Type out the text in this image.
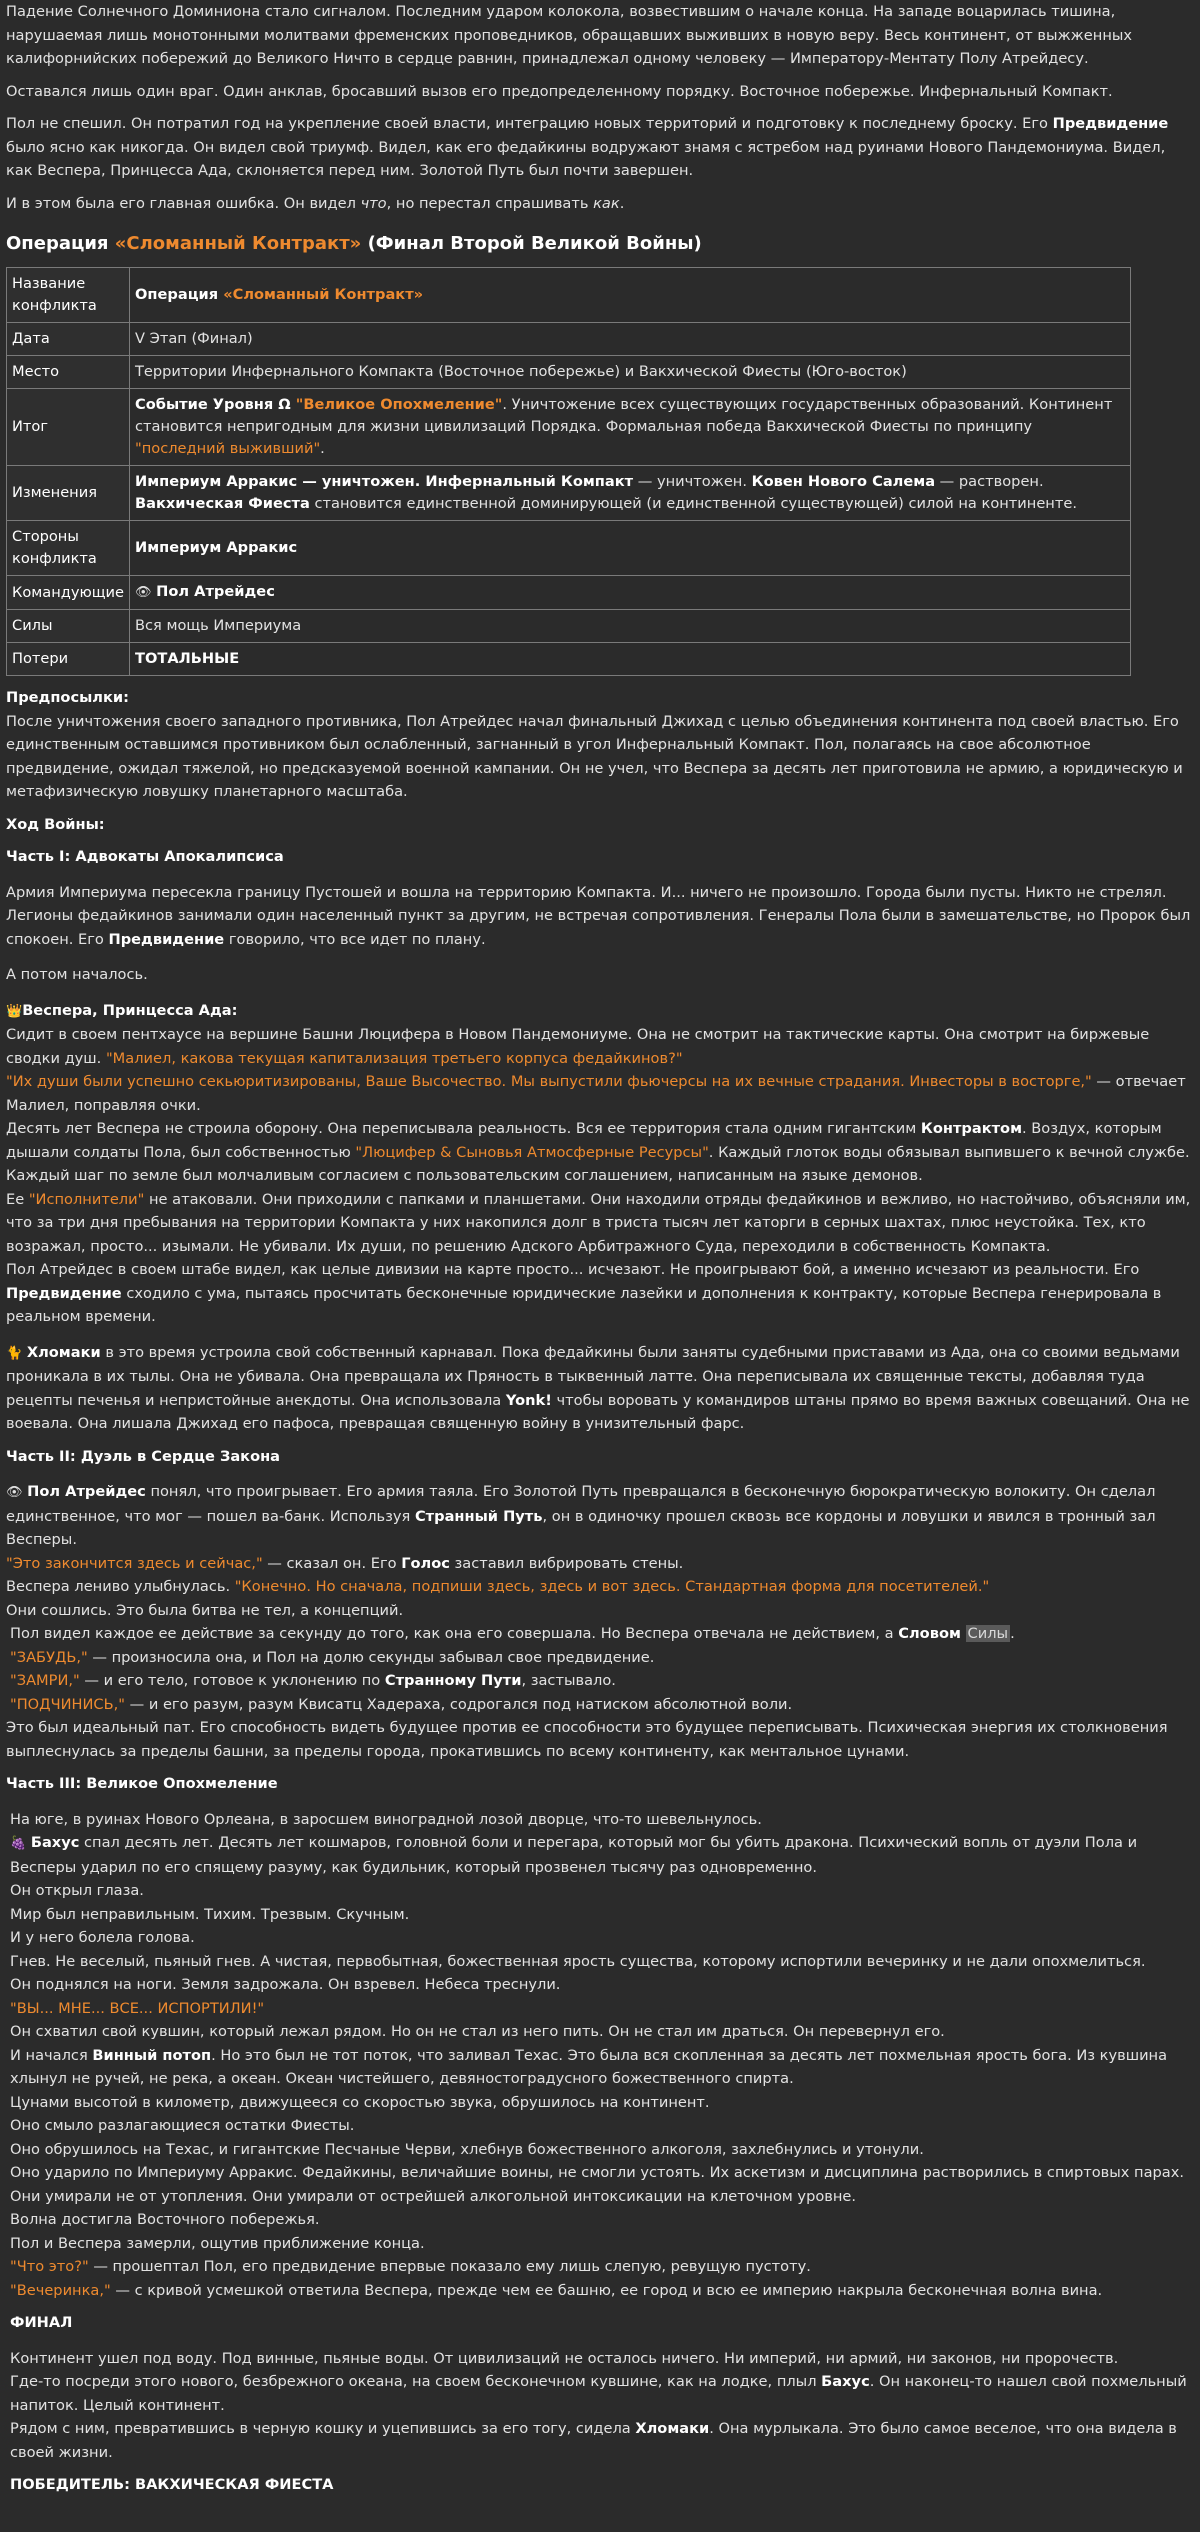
Падение Солнечного Доминиона стало сигналом. Последним ударом колокола, возвестившим о начале конца. На западе воцарилась тишина, нарушаемая лишь монотонными молитвами фременских проповедников, обращавших выживших в новую веру. Весь континент, от выжженных калифорнийских побережий до Великого Ничто в сердце равнин, принадлежал одному человеку — Императору-Ментату Полу Атрейдесу.

Оставался лишь один враг. Один анклав, бросавший вызов его предопределенному порядку. Восточное побережье. Инфернальный Компакт.

Пол не спешил. Он потратил год на укрепление своей власти, интеграцию новых территорий и подготовку к последнему броску. Его Предвидение было ясно как никогда. Он видел свой триумф. Видел, как его федайкины водружают знамя с ястребом над руинами Нового Пандемониума. Видел, как Веспера, Принцесса Ада, склоняется перед ним. Золотой Путь был почти завершен.

И в этом была его главная ошибка. Он видел что, но перестал спрашивать как.

Операция «Сломанный Контракт» (Финал Второй Великой Войны)
Название конфликта	Операция «Сломанный Контракт»
Дата	V Этап (Финал)
Место	Территории Инфернального Компакта (Восточное побережье) и Вакхической Фиесты (Юго-восток)
Итог	Событие Уровня Ω "Великое Опохмеление". Уничтожение всех существующих государственных образований. Континент становится непригодным для жизни цивилизаций Порядка. Формальная победа Вакхической Фиесты по принципу "последний выживший".
Изменения	Империум Арракис — уничтожен. Инфернальный Компакт — уничтожен. Ковен Нового Салема — растворен. Вакхическая Фиеста становится единственной доминирующей (и единственной существующей) силой на континенте.
Стороны конфликта	Империум Арракис
Командующие	👁 Пол Атрейдес
Силы	Вся мощь Империума
Потери	ТОТАЛЬНЫЕ

Предпосылки:

После уничтожения своего западного противника, Пол Атрейдес начал финальный Джихад с целью объединения континента под своей властью. Его единственным оставшимся противником был ослабленный, загнанный в угол Инфернальный Компакт. Пол, полагаясь на свое абсолютное предвидение, ожидал тяжелой, но предсказуемой военной кампании. Он не учел, что Веспера за десять лет приготовила не армию, а юридическую и метафизическую ловушку планетарного масштаба.

Ход Войны:

Часть I: Адвокаты Апокалипсиса

Армия Империума пересекла границу Пустошей и вошла на территорию Компакта. И... ничего не произошло. Города были пусты. Никто не стрелял. Легионы федайкинов занимали один населенный пункт за другим, не встречая сопротивления. Генералы Пола были в замешательстве, но Пророк был спокоен. Его Предвидение говорило, что все идет по плану.

А потом началось.

👑Веспера, Принцесса Ада:

Сидит в своем пентхаусе на вершине Башни Люцифера в Новом Пандемониуме. Она не смотрит на тактические карты. Она смотрит на биржевые сводки душ. "Малиел, какова текущая капитализация третьего корпуса федайкинов?"

"Их души были успешно секьюритизированы, Ваше Высочество. Мы выпустили фьючерсы на их вечные страдания. Инвесторы в восторге," — отвечает Малиел, поправляя очки.

Десять лет Веспера не строила оборону. Она переписывала реальность. Вся ее территория стала одним гигантским Контрактом. Воздух, которым дышали солдаты Пола, был собственностью "Люцифер & Сыновья Атмосферные Ресурсы". Каждый глоток воды обязывал выпившего к вечной службе. Каждый шаг по земле был молчаливым согласием с пользовательским соглашением, написанным на языке демонов.

Ее "Исполнители" не атаковали. Они приходили с папками и планшетами. Они находили отряды федайкинов и вежливо, но настойчиво, объясняли им, что за три дня пребывания на территории Компакта у них накопился долг в триста тысяч лет каторги в серных шахтах, плюс неустойка. Тех, кто возражал, просто... изымали. Не убивали. Их души, по решению Адского Арбитражного Суда, переходили в собственность Компакта.

Пол Атрейдес в своем штабе видел, как целые дивизии на карте просто... исчезают. Не проигрывают бой, а именно исчезают из реальности. Его Предвидение сходило с ума, пытаясь просчитать бесконечные юридические лазейки и дополнения к контракту, которые Веспера генерировала в реальном времени.

🐈 Хломаки в это время устроила свой собственный карнавал. Пока федайкины были заняты судебными приставами из Ада, она со своими ведьмами проникала в их тылы. Она не убивала. Она превращала их Пряность в тыквенный латте. Она переписывала их священные тексты, добавляя туда рецепты печенья и непристойные анекдоты. Она использовала Yonk! чтобы воровать у командиров штаны прямо во время важных совещаний. Она не воевала. Она лишала Джихад его пафоса, превращая священную войну в унизительный фарс.

Часть II: Дуэль в Сердце Закона

👁 Пол Атрейдес понял, что проигрывает. Его армия таяла. Его Золотой Путь превращался в бесконечную бюрократическую волокиту. Он сделал единственное, что мог — пошел ва-банк. Используя Странный Путь, он в одиночку прошел сквозь все кордоны и ловушки и явился в тронный зал Весперы.

"Это закончится здесь и сейчас," — сказал он. Его Голос заставил вибрировать стены.

Веспера лениво улыбнулась. "Конечно. Но сначала, подпиши здесь, здесь и вот здесь. Стандартная форма для посетителей."

Они сошлись. Это была битва не тел, а концепций.

Пол видел каждое ее действие за секунду до того, как она его совершала. Но Веспера отвечала не действием, а Словом Силы .

"ЗАБУДЬ," — произносила она, и Пол на долю секунды забывал свое предвидение.

"ЗАМРИ," — и его тело, готовое к уклонению по Странному Пути, застывало.

"ПОДЧИНИСЬ," — и его разум, разум Квисатц Хадераха, содрогался под натиском абсолютной воли.

Это был идеальный пат. Его способность видеть будущее против ее способности это будущее переписывать. Психическая энергия их столкновения выплеснулась за пределы башни, за пределы города, прокатившись по всему континенту, как ментальное цунами.

Часть III: Великое Опохмеление

На юге, в руинах Нового Орлеана, в заросшем виноградной лозой дворце, что-то шевельнулось.

🍇 Бахус спал десять лет. Десять лет кошмаров, головной боли и перегара, который мог бы убить дракона. Психический вопль от дуэли Пола и Весперы ударил по его спящему разуму, как будильник, который прозвенел тысячу раз одновременно.

Он открыл глаза.

Мир был неправильным. Тихим. Трезвым. Скучным.

И у него болела голова.

Гнев. Не веселый, пьяный гнев. А чистая, первобытная, божественная ярость существа, которому испортили вечеринку и не дали опохмелиться.

Он поднялся на ноги. Земля задрожала. Он взревел. Небеса треснули.

"ВЫ... МНЕ... ВСЕ... ИСПОРТИЛИ!"

Он схватил свой кувшин, который лежал рядом. Но он не стал из него пить. Он не стал им драться. Он перевернул его.

И начался Винный потоп. Но это был не тот поток, что заливал Техас. Это была вся скопленная за десять лет похмельная ярость бога. Из кувшина хлынул не ручей, не река, а океан. Океан чистейшего, девяностоградусного божественного спирта.

Цунами высотой в километр, движущееся со скоростью звука, обрушилось на континент.

Оно смыло разлагающиеся остатки Фиесты.

Оно обрушилось на Техас, и гигантские Песчаные Черви, хлебнув божественного алкоголя, захлебнулись и утонули.

Оно ударило по Империуму Арракис. Федайкины, величайшие воины, не смогли устоять. Их аскетизм и дисциплина растворились в спиртовых парах. Они умирали не от утопления. Они умирали от острейшей алкогольной интоксикации на клеточном уровне.

Волна достигла Восточного побережья.

Пол и Веспера замерли, ощутив приближение конца.

"Что это?" — прошептал Пол, его предвидение впервые показало ему лишь слепую, ревущую пустоту.

"Вечеринка," — с кривой усмешкой ответила Веспера, прежде чем ее башню, ее город и всю ее империю накрыла бесконечная волна вина.

ФИНАЛ

Континент ушел под воду. Под винные, пьяные воды. От цивилизаций не осталось ничего. Ни империй, ни армий, ни законов, ни пророчеств.

Где-то посреди этого нового, безбрежного океана, на своем бесконечном кувшине, как на лодке, плыл Бахус. Он наконец-то нашел свой похмельный напиток. Целый континент.

Рядом с ним, превратившись в черную кошку и уцепившись за его тогу, сидела Хломаки. Она мурлыкала. Это было самое веселое, что она видела в своей жизни.

ПОБЕДИТЕЛЬ: ВАКХИЧЕСКАЯ ФИЕСТА
